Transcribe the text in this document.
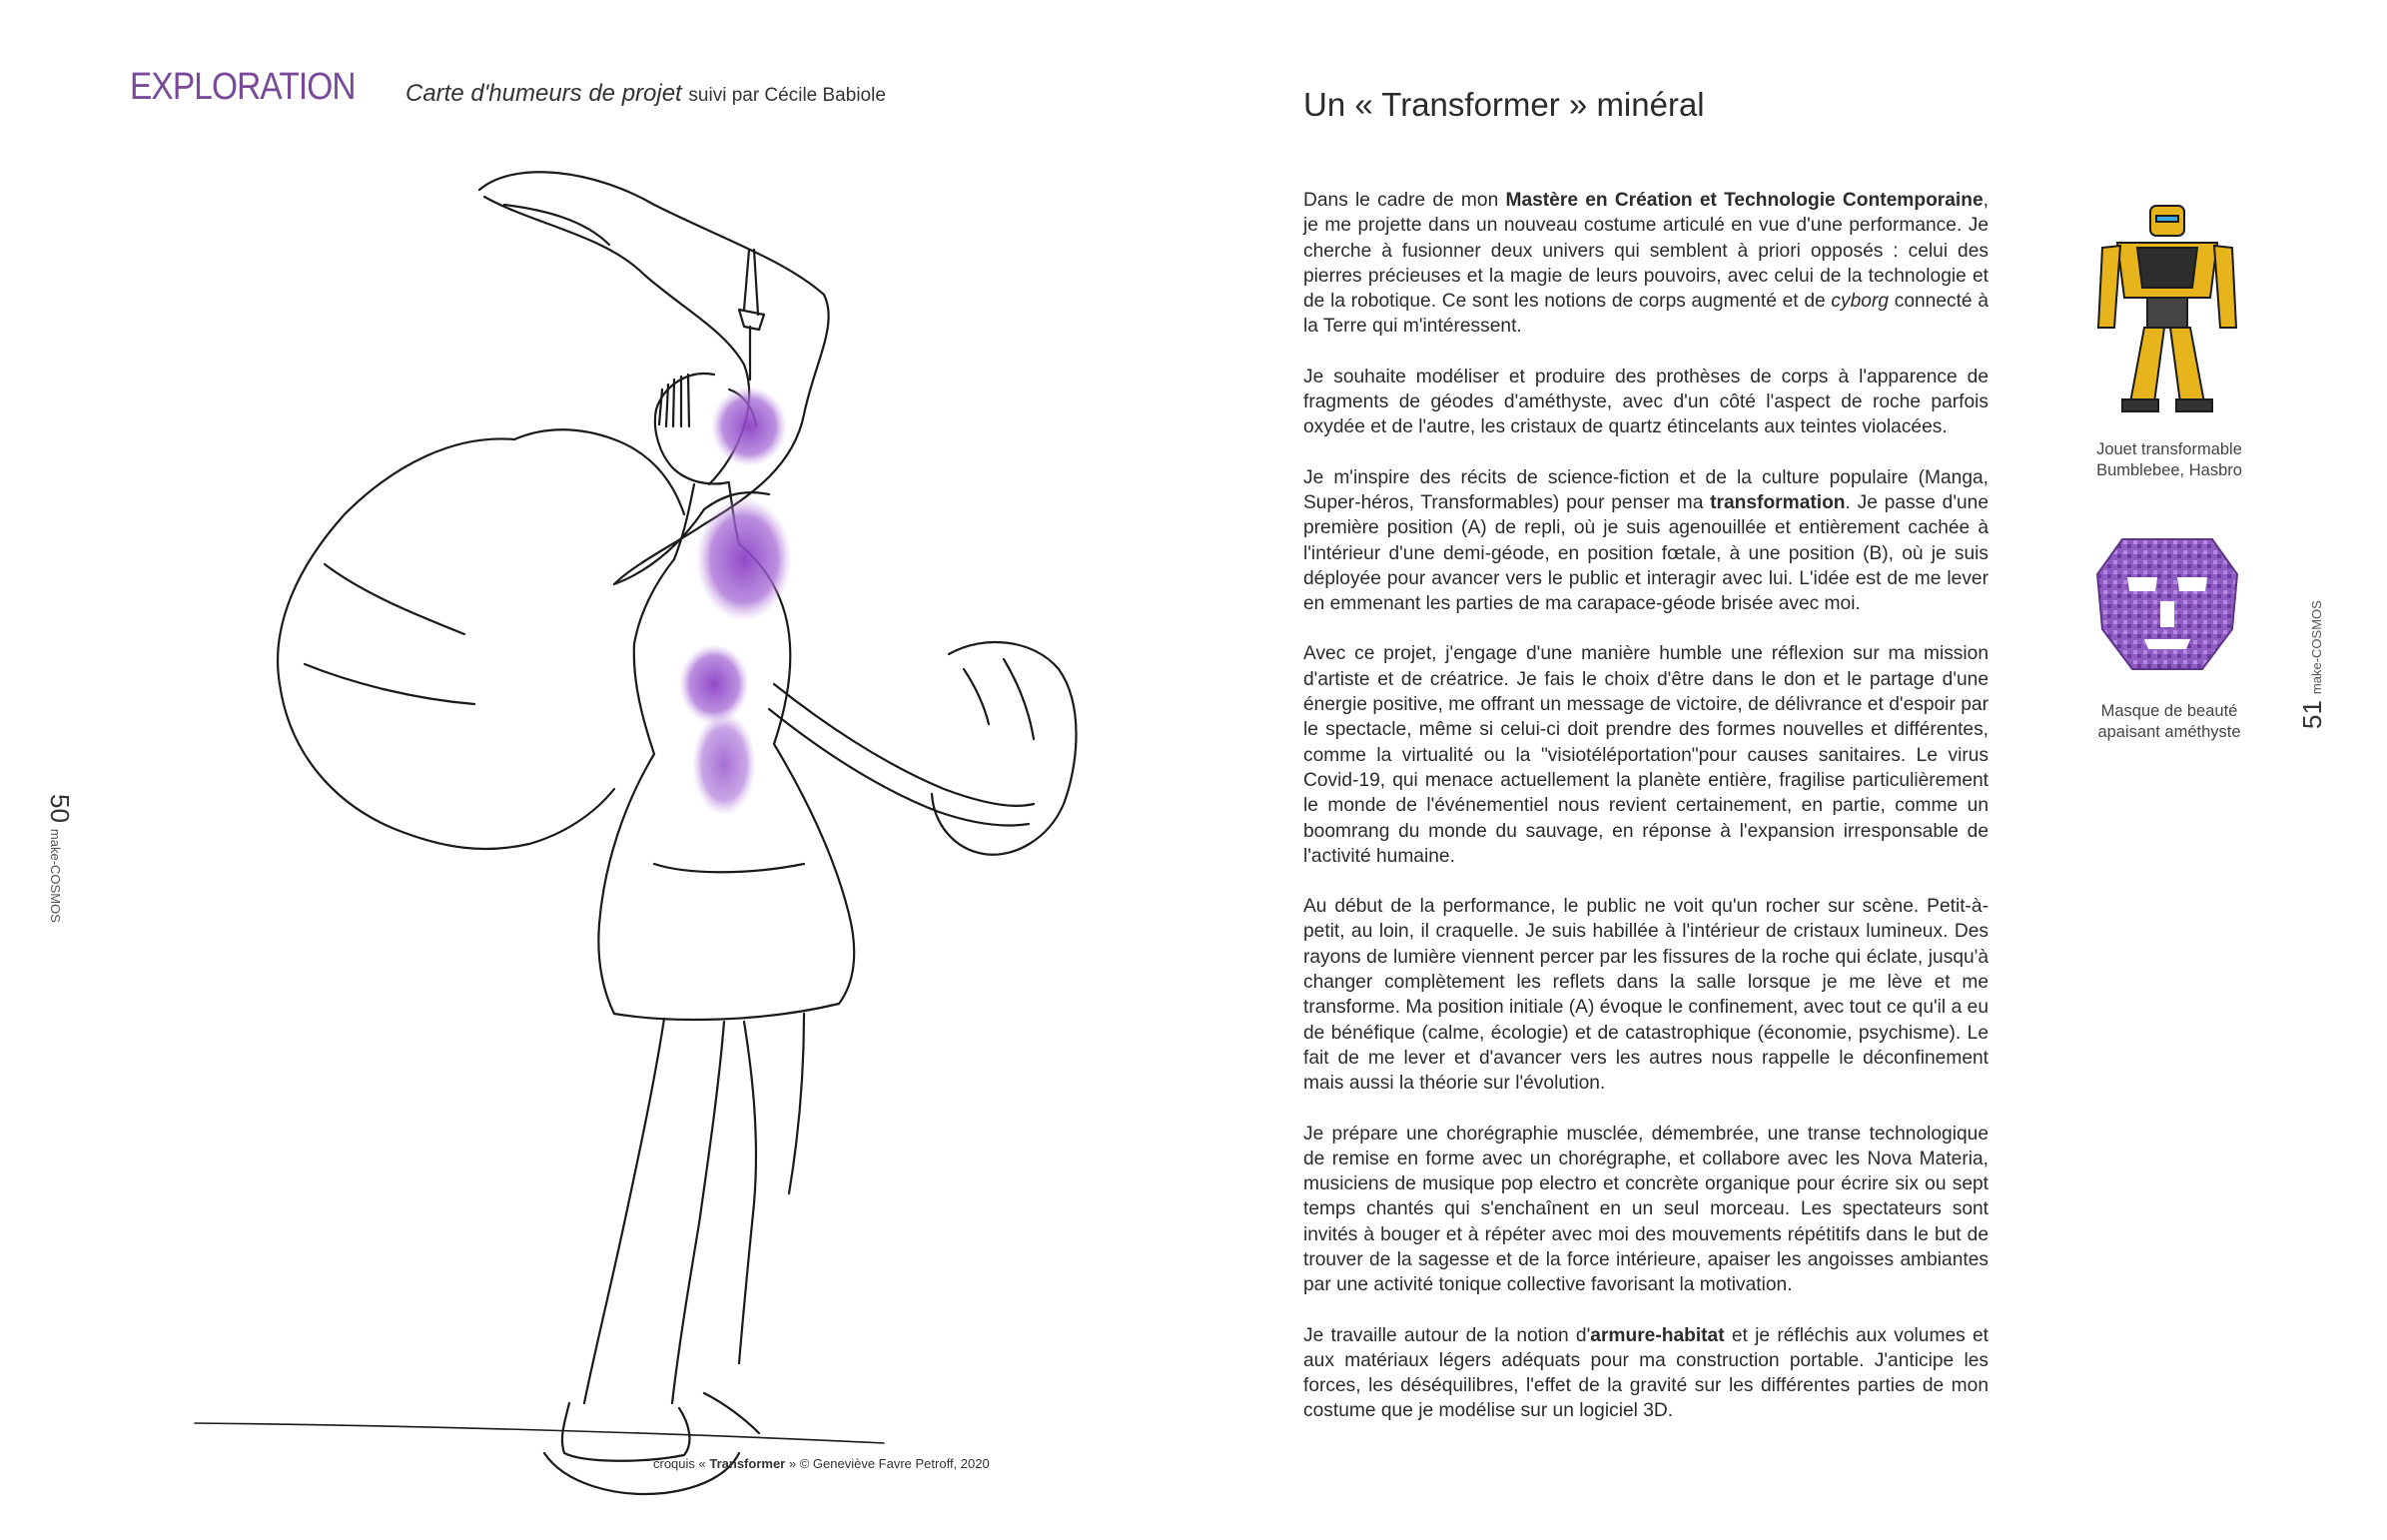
EXPLORATION Carte d'humeurs de projet suivi par Cécile Babiole
50make-COSMOS
51make-COSMOS
croquis « Transformer » © Geneviève Favre Petroff, 2020
Un « Transformer » minéral

Dans le cadre de mon Mastère en Création et Technologie Contemporaine, je me projette dans un nouveau costume articulé en vue d'une performance. Je cherche à fusionner deux univers qui semblent à priori opposés : celui des pierres précieuses et la magie de leurs pouvoirs, avec celui de la technologie et de la robotique. Ce sont les notions de corps augmenté et de cyborg connecté à la Terre qui m'intéressent.

Je souhaite modéliser et produire des prothèses de corps à l'apparence de fragments de géodes d'améthyste, avec d'un côté l'aspect de roche parfois oxydée et de l'autre, les cristaux de quartz étincelants aux teintes violacées.

Je m'inspire des récits de science-fiction et de la culture populaire (Manga, Super-héros, Transformables) pour penser ma transformation. Je passe d'une première position (A) de repli, où je suis agenouillée et entièrement cachée à l'intérieur d'une demi-géode, en position fœtale, à une position (B), où je suis déployée pour avancer vers le public et interagir avec lui. L'idée est de me lever en emmenant les parties de ma carapace-géode brisée avec moi.

Avec ce projet, j'engage d'une manière humble une réflexion sur ma mission d'artiste et de créatrice. Je fais le choix d'être dans le don et le partage d'une énergie positive, me offrant un message de victoire, de délivrance et d'espoir par le spectacle, même si celui-ci doit prendre des formes nouvelles et différentes, comme la virtualité ou la "visiotéléportation"pour causes sanitaires. Le virus Covid-19, qui menace actuellement la planète entière, fragilise particulièrement le monde de l'événementiel nous revient certainement, en partie, comme un boomrang du monde du sauvage, en réponse à l'expansion irresponsable de l'activité humaine.

Au début de la performance, le public ne voit qu'un rocher sur scène. Petit-à-petit, au loin, il craquelle. Je suis habillée à l'intérieur de cristaux lumineux. Des rayons de lumière viennent percer par les fissures de la roche qui éclate, jusqu'à changer complètement les reflets dans la salle lorsque je me lève et me transforme. Ma position initiale (A) évoque le confinement, avec tout ce qu'il a eu de bénéfique (calme, écologie) et de catastrophique (économie, psychisme). Le fait de me lever et d'avancer vers les autres nous rappelle le déconfinement mais aussi la théorie sur l'évolution.

Je prépare une chorégraphie musclée, démembrée, une transe technologique de remise en forme avec un chorégraphe, et collabore avec les Nova Materia, musiciens de musique pop electro et concrète organique pour écrire six ou sept temps chantés qui s'enchaînent en un seul morceau. Les spectateurs sont invités à bouger et à répéter avec moi des mouvements répétitifs dans le but de trouver de la sagesse et de la force intérieure, apaiser les angoisses ambiantes par une activité tonique collective favorisant la motivation.

Je travaille autour de la notion d'armure-habitat et je réfléchis aux volumes et aux matériaux légers adéquats pour ma construction portable. J'anticipe les forces, les déséquilibres, l'effet de la gravité sur les différentes parties de mon costume que je modélise sur un logiciel 3D.

Jouet transformable
Bumblebee, Hasbro
Masque de beauté
apaisant améthyste
